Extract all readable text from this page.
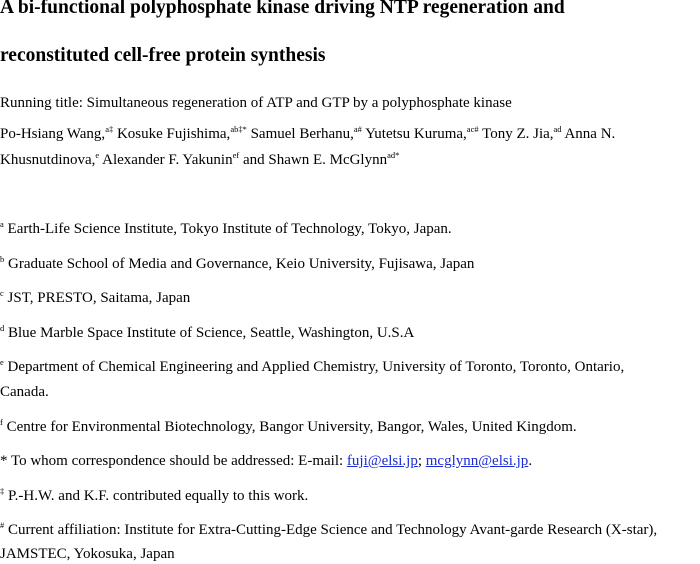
A bi-functional polyphosphate kinase driving NTP regeneration and
reconstituted cell-free protein synthesis
Running title: Simultaneous regeneration of ATP and GTP by a polyphosphate kinase
Po-Hsiang Wang,$^{a\ddagger}$ Kosuke Fujishima,$^{ab\ddagger*}$ Samuel Berhanu,$^{a\#}$ Yutetsu Kuruma,$^{ac\#}$ Tony Z. Jia,$^{ad}$ Anna N.
Khusnutdinova,$^e$ Alexander F. Yakunin$^{ef}$ and Shawn E. McGlynn$^{ad*}$
$^a$ Earth-Life Science Institute, Tokyo Institute of Technology, Tokyo, Japan.
$^b$ Graduate School of Media and Governance, Keio University, Fujisawa, Japan
$^c$ JST, PRESTO, Saitama, Japan
$^d$ Blue Marble Space Institute of Science, Seattle, Washington, U.S.A
$^e$ Department of Chemical Engineering and Applied Chemistry, University of Toronto, Toronto, Ontario,
Canada.
$^f$ Centre for Environmental Biotechnology, Bangor University, Bangor, Wales, United Kingdom.
* To whom correspondence should be addressed: E-mail: fuji@elsi.jp; mcglynn@elsi.jp.
‡ P.-H.W. and K.F. contributed equally to this work.
# Current affiliation: Institute for Extra-Cutting-Edge Science and Technology Avant-garde Research (X-star),
JAMSTEC, Yokosuka, Japan
